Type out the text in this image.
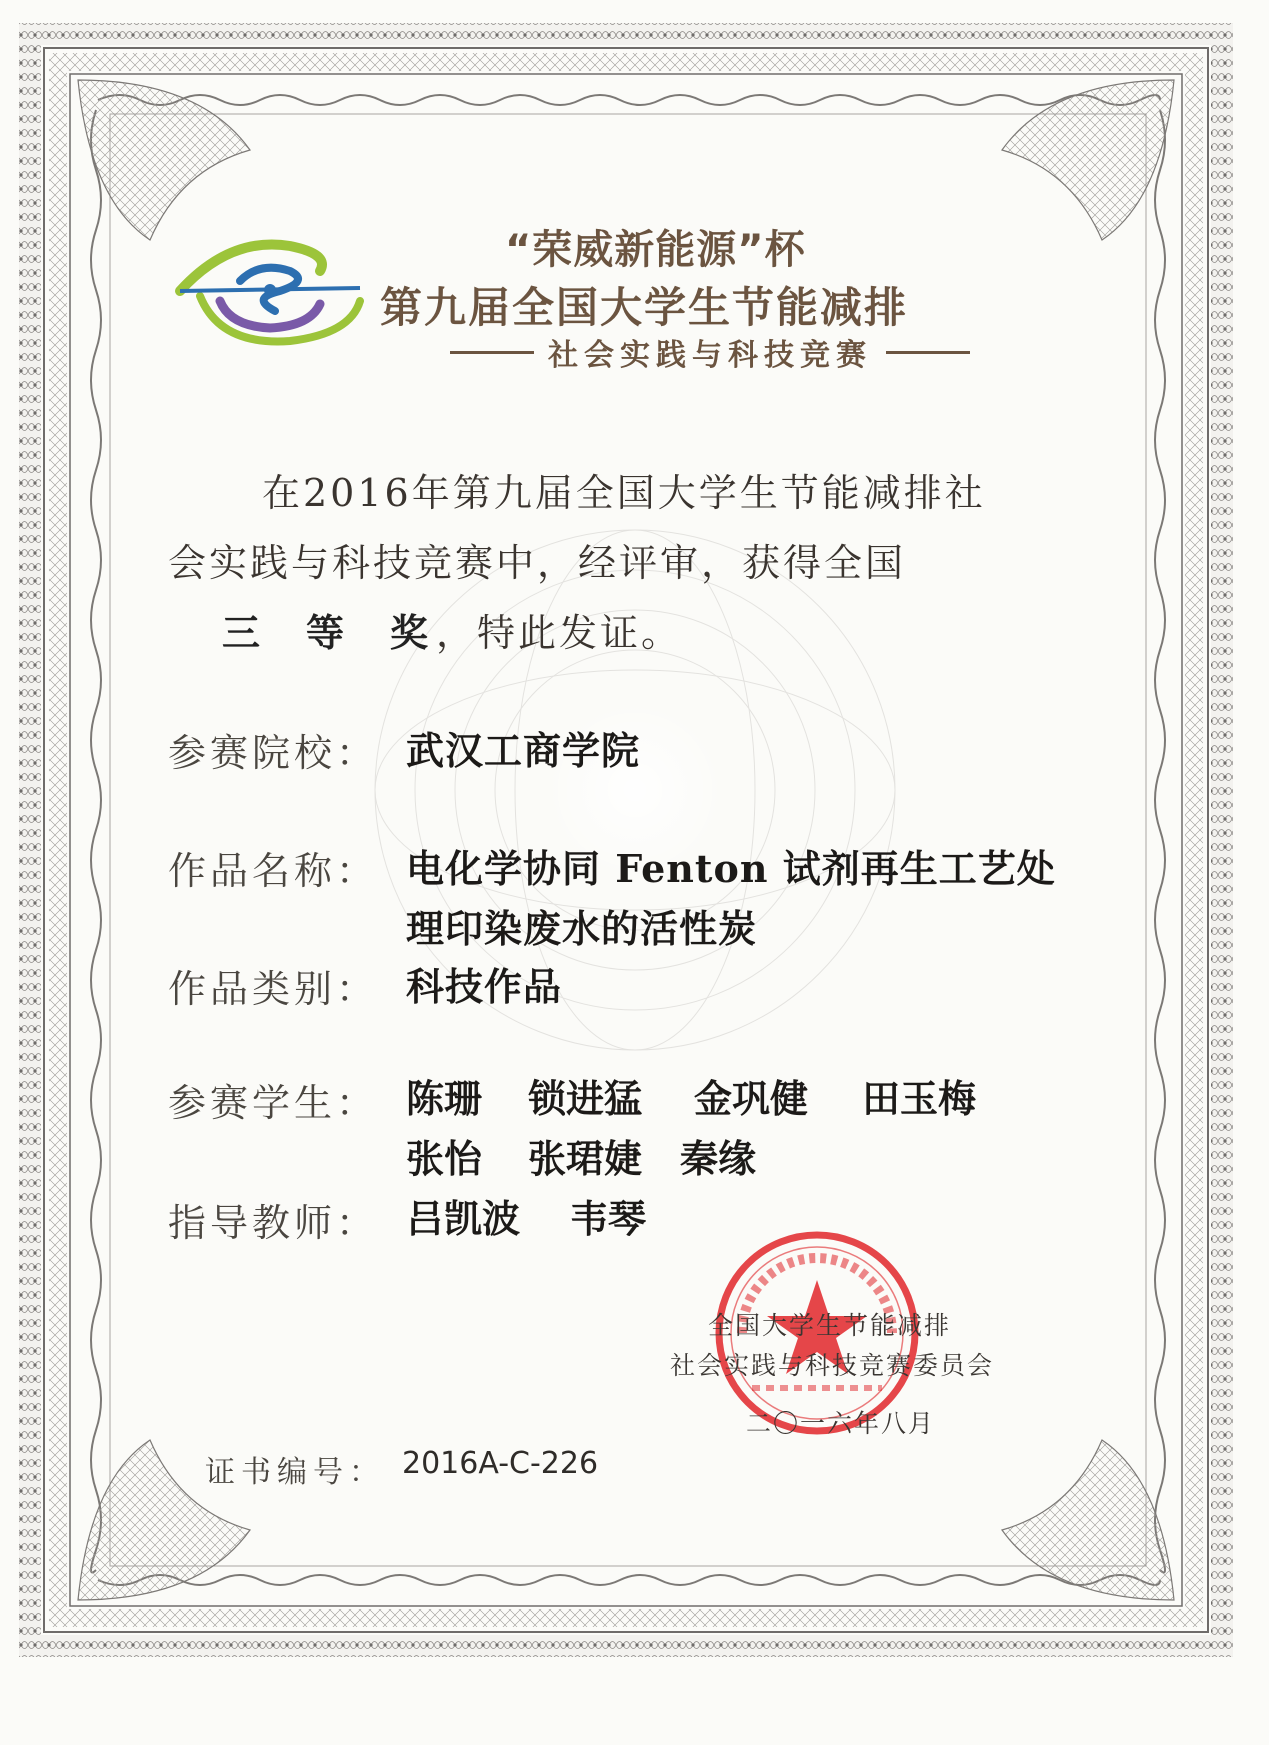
“荣威新能源”杯

第九届全国大学生节能减排

社会实践与科技竞赛

在2016年第九届全国大学生节能减排社

会实践与科技竞赛中，经评审，获得全国

三 等 奖 ，特此发证。

参赛院校： 武汉工商学院
作品名称： 电化学协同 Fenton 试剂再生工艺处
理印染废水的活性炭
作品类别： 科技作品
参赛学生： 陈珊 锁进猛 金巩健 田玉梅
张怡 张珺婕 秦缘
指导教师： 吕凯波 韦琴
全国大学生节能减排
社会实践与科技竞赛委员会
二〇一六年八月
证书编号： 2016A-C-226
